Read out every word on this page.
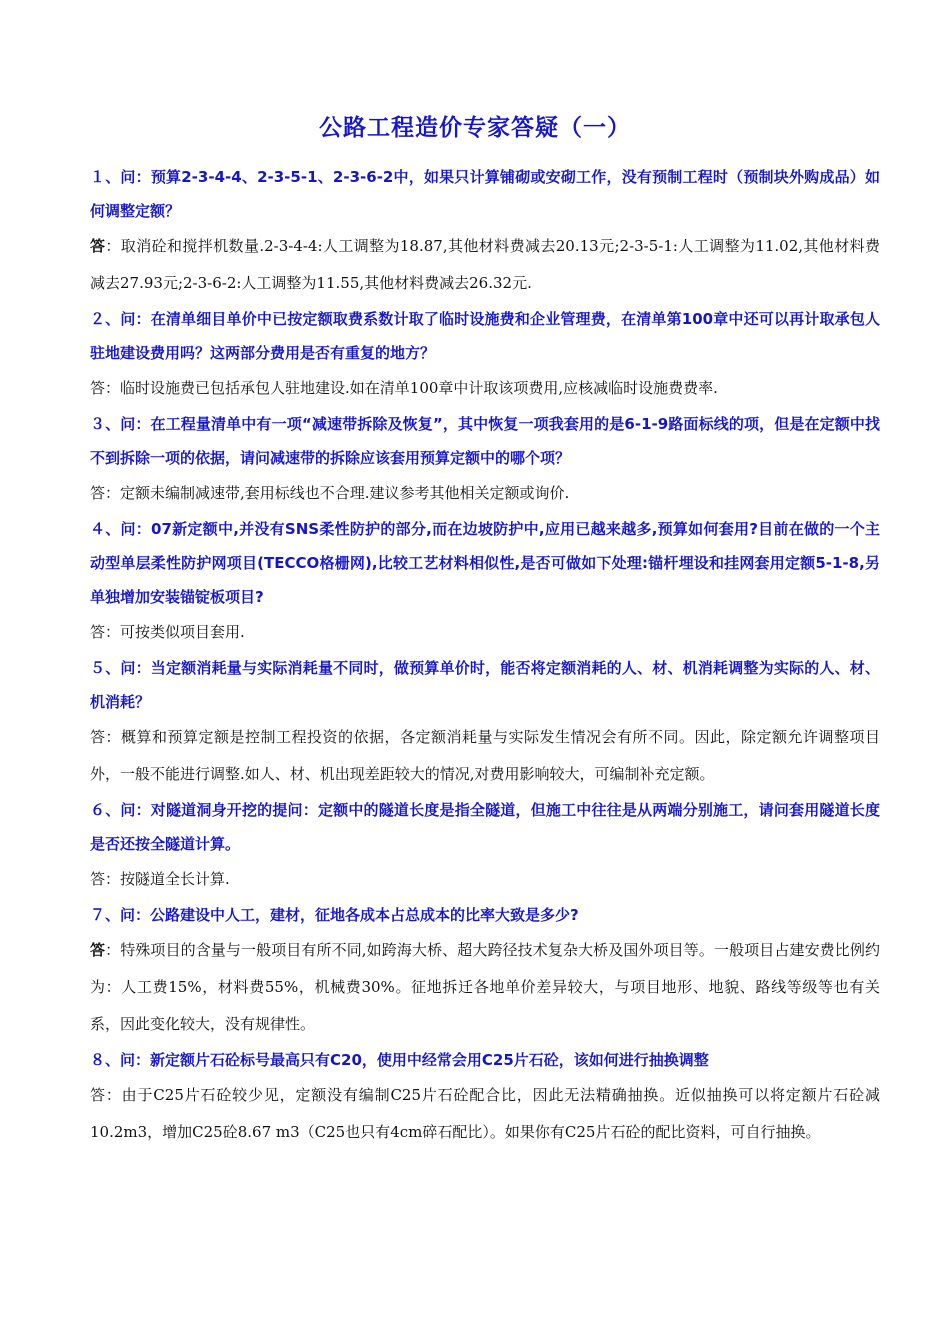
公路工程造价专家答疑（一）

１、问：预算2-3-4-4、2-3-5-1、2-3-6-2中，如果只计算铺砌或安砌工作，没有预制工程时（预制块外购成品）如何调整定额？

答：取消砼和搅拌机数量.2-3-4-4:人工调整为18.87,其他材料费减去20.13元;2-3-5-1:人工调整为11.02,其他材料费减去27.93元;2-3-6-2:人工调整为11.55,其他材料费减去26.32元.

２、问：在清单细目单价中已按定额取费系数计取了临时设施费和企业管理费，在清单第100章中还可以再计取承包人驻地建设费用吗？这两部分费用是否有重复的地方？

答：临时设施费已包括承包人驻地建设.如在清单100章中计取该项费用,应核减临时设施费费率.

３、问：在工程量清单中有一项“减速带拆除及恢复”，其中恢复一项我套用的是6-1-9路面标线的项，但是在定额中找不到拆除一项的依据，请问减速带的拆除应该套用预算定额中的哪个项？

答：定额未编制减速带,套用标线也不合理.建议参考其他相关定额或询价.

４、问：07新定额中,并没有SNS柔性防护的部分,而在边坡防护中,应用已越来越多,预算如何套用?目前在做的一个主动型单层柔性防护网项目(TECCO格栅网),比较工艺材料相似性,是否可做如下处理:锚杆埋设和挂网套用定额5-1-8,另单独增加安装锚锭板项目?

答：可按类似项目套用.

５、问：当定额消耗量与实际消耗量不同时，做预算单价时，能否将定额消耗的人、材、机消耗调整为实际的人、材、机消耗？

答：概算和预算定额是控制工程投资的依据，各定额消耗量与实际发生情况会有所不同。因此，除定额允许调整项目外，一般不能进行调整.如人、材、机出现差距较大的情况,对费用影响较大，可编制补充定额。

６、问：对隧道洞身开挖的提问：定额中的隧道长度是指全隧道，但施工中往往是从两端分别施工，请问套用隧道长度是否还按全隧道计算。

答：按隧道全长计算.

７、问：公路建设中人工，建材，征地各成本占总成本的比率大致是多少?

答：特殊项目的含量与一般项目有所不同,如跨海大桥、超大跨径技术复杂大桥及国外项目等。一般项目占建安费比例约为：人工费15%，材料费55%，机械费30%。征地拆迁各地单价差异较大，与项目地形、地貌、路线等级等也有关系，因此变化较大，没有规律性。

８、问：新定额片石砼标号最高只有C20，使用中经常会用C25片石砼，该如何进行抽换调整

答：由于C25片石砼较少见，定额没有编制C25片石砼配合比，因此无法精确抽换。近似抽换可以将定额片石砼减10.2m3，增加C25砼8.67 m3（C25也只有4cm碎石配比）。如果你有C25片石砼的配比资料，可自行抽换。
